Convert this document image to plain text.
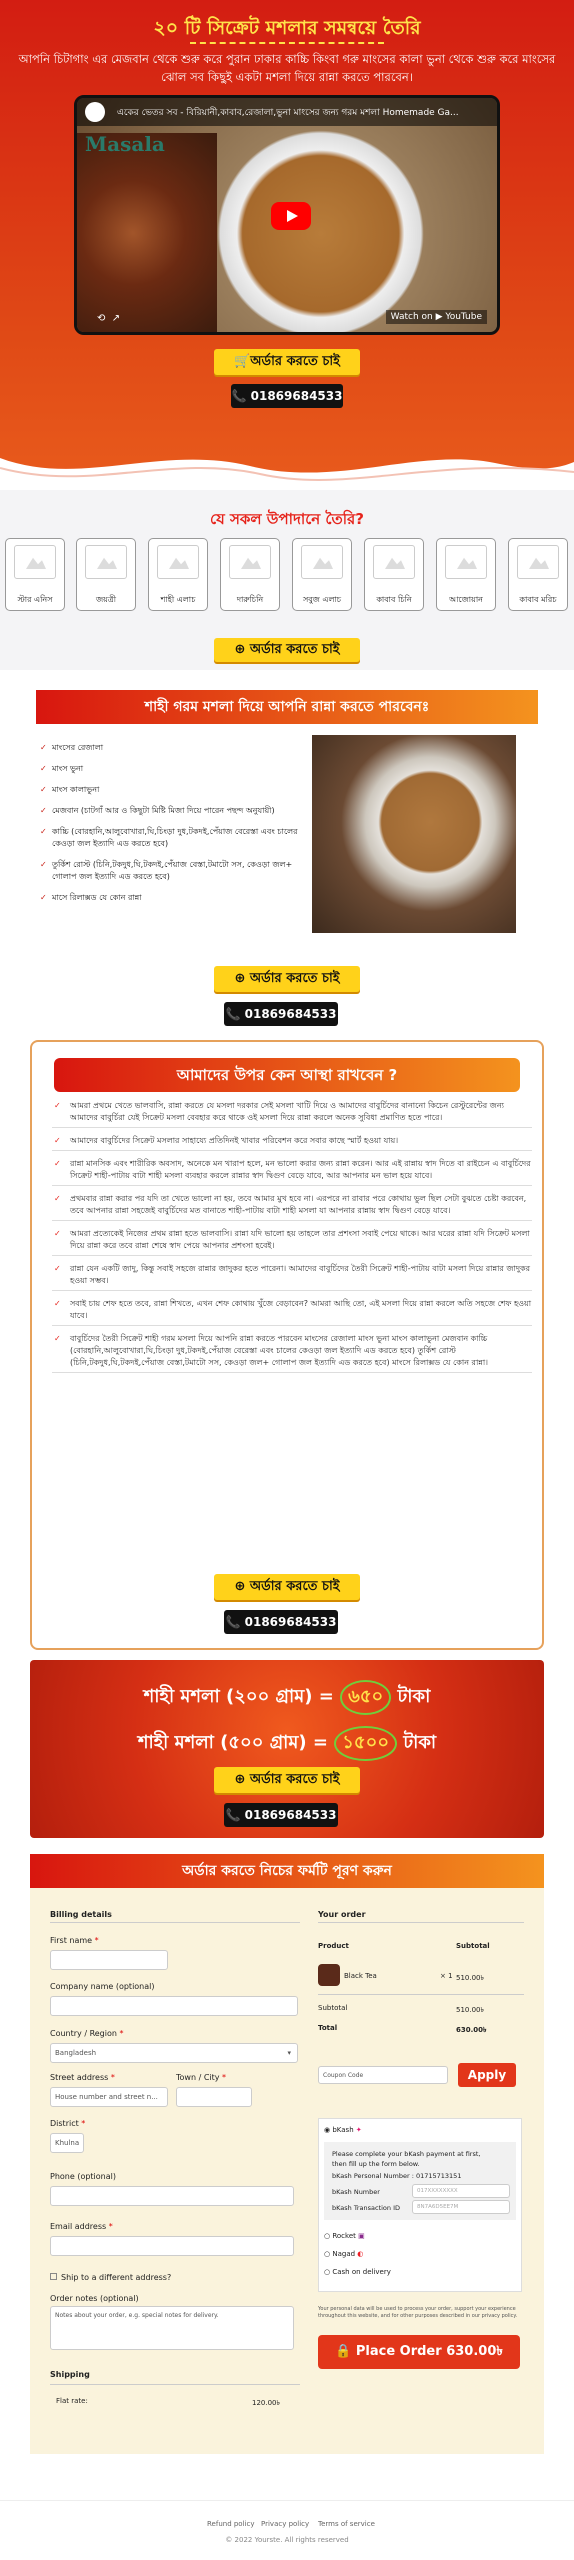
২০ টি সিক্রেট মশলার সমন্বয়ে তৈরি
আপনি চিটাগাং এর মেজবান থেকে শুরু করে পুরান ঢাকার কাচ্চি কিংবা গরু মাংসের কালা ভুনা থেকে শুরু করে মাংসের ঝোল সব কিছুই একটা মশলা দিয়ে রান্না করতে পারবেন।
একের ভেতর সব - বিরিয়ানী,কাবাব,রেজালা,ভুনা মাংসের জন্য গরম মশলা Homemade Ga...
Masala
⟲ ↗	Watch on ▶ YouTube
🛒অর্ডার করতে চাই
📞 01869684533
যে সকল উপাদানে তৈরি?
স্টার এনিস	জয়ত্রী	শাহী এলাচ	দারুচিনি	সবুজ এলাচ	কাবাব চিনি	আজোয়ান	কাবাব মরিচ
⊕ অর্ডার করতে চাই
শাহী গরম মশলা দিয়ে আপনি রান্না করতে পারবেনঃ
✓ মাংসের রেজালা
✓ মাংস ভুনা
✓ মাংস কালাভুনা
✓ মেজবান (চাটগাঁ আর ও কিছুটা মিষ্টি মিজা দিয়ে পারেন পছন্দ অনুযায়ী)
✓ কাচ্চি (বোরহানি,আলুবোখারা,ঘি,চিংড়া দুধ,টকদই,পেঁয়াজ বেরেস্তা এবং চালের কেওড়া জল ইত্যাদি এড করতে হবে)
✓ তুর্কিশ রোস্ট (চিনি,টকদুধ,ঘি,টকদই,পেঁয়াজ বেস্তা,টমাটো সস, কেওড়া জল+ গোলাপ জল ইত্যাদি এড করতে হবে)
✓ মাসে রিলাক্সড যে কোন রান্না
⊕ অর্ডার করতে চাই
📞 01869684533
আমাদের উপর কেন আস্থা রাখবেন ?
✓ আমরা প্রথমে খেতে ভালবাসি, রান্না করতে যে মসলা দরকার সেই মসলা খাটি দিয়ে ও আমাদের বাবুর্চিদের বানানো কিচেন রেস্টুরেন্টের জন্য আমাদের বাবুর্চিরা যেই সিক্রেট মসলা বেবহার করে থাকে ওই মসলা দিয়ে রান্না করলে অনেক সুবিধা প্রমাণিত হতে পারে।
✓ আমাদের বাবুর্চিদের সিক্রেট মসলার সাহায্যে প্রতিদিনই খাবার পরিবেশন করে সবার কাছে স্মার্ট হওয়া যায়।
✓ রান্না মানসিক এবং শারীরিক অবসাদ, অনেকে মন খারাপ হলে, মন ভালো করার জন্য রান্না করেন। আর এই রান্নায় স্বাদ দিতে বা রাইচেন এ বাবুর্চিদের সিক্রেট শাহী-পাটায় বাটা শাহী মসলা ব্যবহার করলে রান্নার স্বাদ দ্বিগুণ বেড়ে যাবে, আর আপনার মন ভাল হয়ে যাবে।
✓ প্রথমবার রান্না করার পর যদি তা খেতে ভালো না হয়, তবে আমার মুখ হবে না। এরপরে না রাবার পরে কোথায় ভুল ছিল সেটা বুঝতে চেষ্টা করবেন, তবে আপনার রান্না সহজেই বাবুর্চিদের মত বানাতে শাহী-পাটায় বাটা শাহী মসলা যা আপনার রান্নায় স্বাদ দ্বিগুণ বেড়ে যাবে।
✓ আমরা প্রত্যেকেই নিজের প্রথম রান্না হতে ভালবাসি। রান্না যদি ভালো হয় তাহলে তার প্রশংসা সবাই পেয়ে থাকে। আর ঘরের রান্না যদি সিক্রেট মসলা দিয়ে রান্না করে তবে রান্না শেষে স্বাদ পেয়ে আপনার প্রশংসা হবেই।
✓ রান্না যেন একটি জাদু, কিন্তু সবাই সহজে রান্নার জাদুকর হতে পারেনা। আমাদের বাবুর্চিদের তৈরী সিক্রেট শাহী-পাটায় বাটা মসলা দিয়ে রান্নার জাদুকর হওয়া সম্ভব।
✓ সবাই চায় শেফ হতে তবে, রান্না শিখতে, এখন শেফ কোথায় খুঁজে বেড়াবেন? আমরা আছি তো, এই মসলা দিয়ে রান্না করলে অতি সহজে শেফ হওয়া যাবে।
✓ বাবুর্চিদের তৈরী সিক্রেট শাহী গরম মসলা দিয়ে আপনি রান্না করতে পারবেন মাংসের রেজালা মাংস ভুনা মাংস কালাভুনা মেজবান কাচ্চি (বোরহানি,আলুবোখারা,ঘি,চিংড়া দুধ,টকদই,পেঁয়াজ বেরেস্তা এবং চালের কেওড়া জল ইত্যাদি এড করতে হবে) তুর্কিশ রোস্ট (চিনি,টকদুধ,ঘি,টকদই,পেঁয়াজ বেস্তা,টমাটো সস, কেওড়া জল+ গোলাপ জল ইত্যাদি এড করতে হবে) মাংসে রিলাক্সড যে কোন রান্না।
⊕ অর্ডার করতে চাই
📞 01869684533
শাহী মশলা (২০০ গ্রাম) = ৬৫০ টাকা
শাহী মশলা (৫০০ গ্রাম) = ১৫০০ টাকা
⊕ অর্ডার করতে চাই
📞 01869684533
অর্ডার করতে নিচের ফর্মটি পূরণ করুন
Billing details
First name *
Company name (optional)
Country / Region *
Bangladesh	▾
Street address *
House number and street n...
Town / City *
District *
Khulna
Phone (optional)
Email address *
Ship to a different address?
Order notes (optional)
Notes about your order, e.g. special notes for delivery.
Shipping
Flat rate:	120.00৳
Your order
Product	Subtotal
Black Tea	× 1 510.00৳
Subtotal	510.00৳
Total	630.00৳
Coupon Code	Apply
◉ bKash ✦
Please complete your bKash payment at first,
then fill up the form below.
bKash Personal Number : 01715713151
bKash Number	017XXXXXXXX
bKash Transaction ID	8N7A6D5EE7M
○ Rocket ▣
○ Nagad ◐
○ Cash on delivery
Your personal data will be used to process your order, support your experience throughout this website, and for other purposes described in our privacy policy.
🔒 Place Order 630.00৳
Refund policy Privacy policy Terms of service
© 2022 Yourste. All rights reserved
